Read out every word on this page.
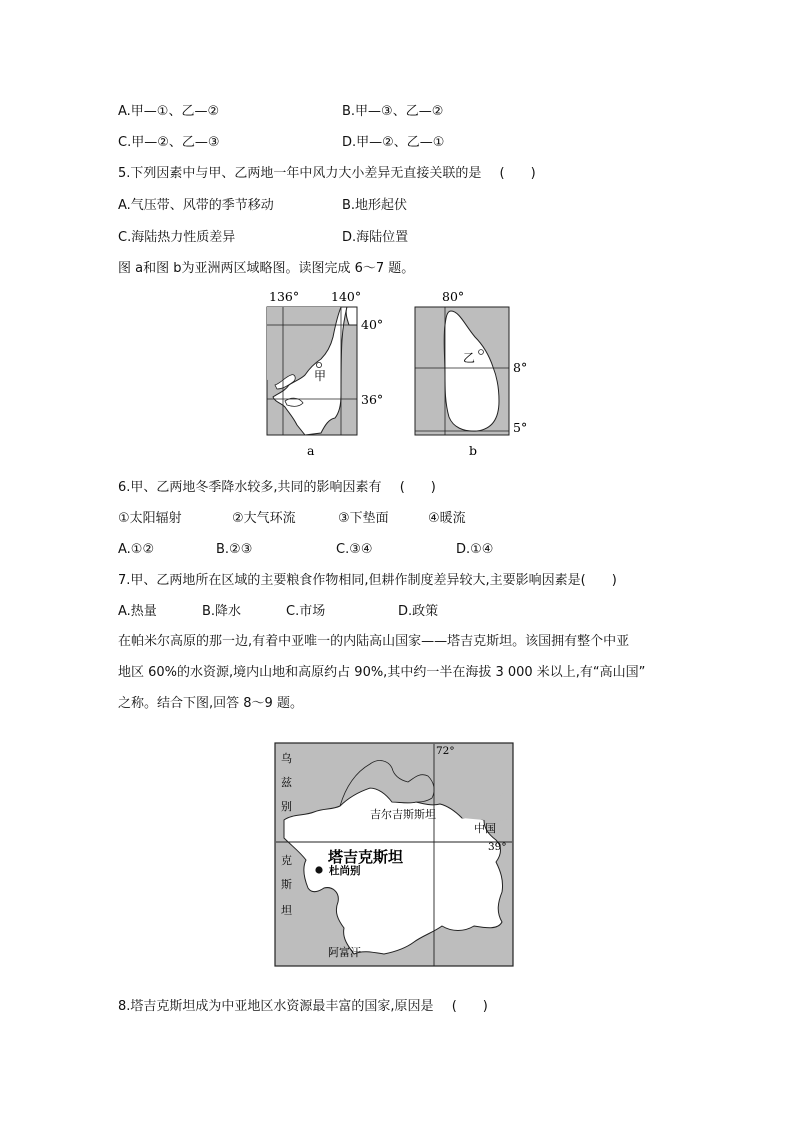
A.甲—①、乙—②	B.甲—③、乙—②
C.甲—②、乙—③	D.甲—②、乙—①
5.下列因素中与甲、乙两地一年中风力大小差异无直接关联的是 (　　)
A.气压带、风带的季节移动	B.地形起伏
C.海陆热力性质差异	D.海陆位置
图 a和图 b为亚洲两区域略图。读图完成 6～7 题。
甲
136°	140°
40°
36°
a
乙
80°
8°
5°
b
6.甲、乙两地冬季降水较多,共同的影响因素有 (　　)
①太阳辐射	②大气环流	③下垫面	④暖流
A.①②	B.②③	C.③④	D.①④
7.甲、乙两地所在区域的主要粮食作物相同,但耕作制度差异较大,主要影响因素是(　　)
A.热量	B.降水	C.市场	D.政策
在帕米尔高原的那一边,有着中亚唯一的内陆高山国家——塔吉克斯坦。该国拥有整个中亚
地区 60%的水资源,境内山地和高原约占 90%,其中约一半在海拔 3 000 米以上,有“高山国”
之称。结合下图,回答 8～9 题。
72°
39°
乌
兹
别
克
斯
坦
吉尔吉斯斯坦
中国
塔吉克斯坦
杜尚别
阿富汗
8.塔吉克斯坦成为中亚地区水资源最丰富的国家,原因是 (　　)
